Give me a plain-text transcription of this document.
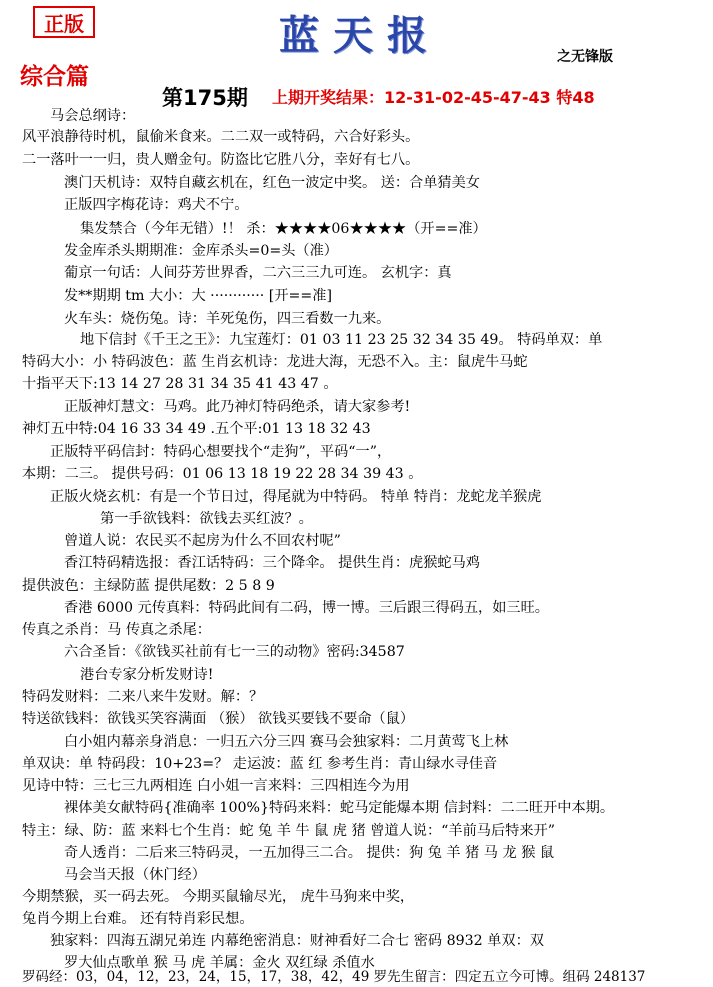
正版	蓝天报	之无锋版
综合篇
第175期 上期开奖结果：12-31-02-45-47-43 特48
马会总纲诗：
风平浪静待时机，鼠偷米食来。二二双一或特码，六合好彩头。
二一落叶一一归，贵人赠金句。防盗比它胜八分，幸好有七八。
澳门天机诗：双特自藏玄机在，红色一波定中奖。 送：合单猜美女
正版四字梅花诗：鸡犬不宁。
集发禁合（今年无错）!！ 杀：★★★★06★★★★（开==准）
发金库杀头期期准：金库杀头=0=头（准）
葡京一句话：人间芬芳世界香，二六三三九可连。 玄机字：真
发**期期 tm 大小：大 ············ [开==准]
火车头：烧伤兔。诗：羊死兔伤，四三看数一九来。
地下信封《千王之王》：九宝莲灯：01 03 11 23 25 32 34 35 49。 特码单双：单
特码大小：小 特码波色：蓝 生肖玄机诗：龙进大海，无恐不入。主：鼠虎牛马蛇
十指平天下:13 14 27 28 31 34 35 41 43 47 。
正版神灯慧文：马鸡。此乃神灯特码绝杀，请大家参考!
神灯五中特:04 16 33 34 49 .五个平:01 13 18 32 43
正版特平码信封：特码心想要找个“走狗”，平码“一”，
本期：二三。 提供号码：01 06 13 18 19 22 28 34 39 43 。
正版火烧玄机：有是一个节日过，得尾就为中特码。 特单 特肖：龙蛇龙羊猴虎
第一手欲钱料：欲钱去买红波？。
曾道人说：农民买不起房为什么不回农村呢”
香江特码精选报：香江话特码：三个降伞。 提供生肖：虎猴蛇马鸡
提供波色：主绿防蓝 提供尾数：2 5 8 9
香港 6000 元传真料：特码此间有二码，博一博。三后跟三得码五，如三旺。
传真之杀肖：马 传真之杀尾：
六合圣旨：《欲钱买社前有七一三的动物》密码:34587
港台专家分析发财诗!
特码发财料：二来八来牛发财。解：？
特送欲钱料：欲钱买笑容满面 （猴） 欲钱买要钱不要命（鼠）
白小姐内幕亲身消息：一归五六分三四 赛马会独家料：二月黄莺飞上林
单双诀：单 特码段：10+23=？ 走运波：蓝 红 参考生肖：青山绿水寻佳音
见诗中特：三七三九两相连 白小姐一言来料：三四相连今为用
裸体美女献特码{准确率 100%}特码来料：蛇马定能爆本期 信封料：二二旺开中本期。
特主：绿、防：蓝 来料七个生肖：蛇 兔 羊 牛 鼠 虎 猪 曾道人说：“羊前马后特来开”
奇人透肖：二后来三特码灵，一五加得三二合。 提供：狗 兔 羊 猪 马 龙 猴 鼠
马会当天报（休门经）
今期禁猴，买一码去死。 今期买鼠输尽光， 虎牛马狗来中奖，
兔肖今期上台难。 还有特肖彩民想。
独家料：四海五湖兄弟连 内幕绝密消息：财神看好二合七 密码 8932 单双：双
罗大仙点歌单 猴 马 虎 羊属：金火 双红绿 杀值水
罗码经：03，04，12，23，24，15，17，38，42，49 罗先生留言：四定五立今可博。组码 248137
